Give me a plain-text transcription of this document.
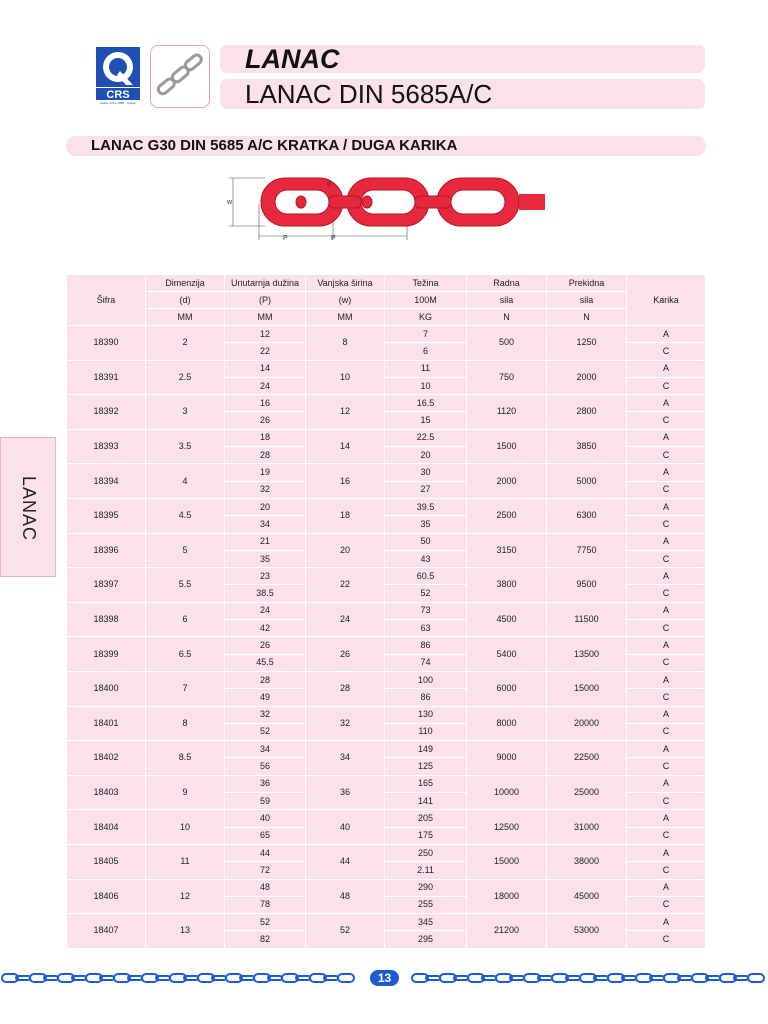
CRS
quality since 1986 · zagreb
LANAC
LANAC DIN 5685A/C
LANAC G30 DIN 5685 A/C KRATKA / DUGA KARIKA
w
d
P	P
LANAC
Šifra	Dimenzija	Unutarnja dužina	Vanjska širina	Težina	Radna	Prekidna	Karika
	(d)	(P)	(w)	100M	sila	sila	
	MM	MM	MM	KG	N	N	
18390	2	12	8	7	500	1250	A
		22		6			C
18391	2.5	14	10	11	750	2000	A
		24		10			C
18392	3	16	12	16.5	1120	2800	A
		26		15			C
18393	3.5	18	14	22.5	1500	3850	A
		28		20			C
18394	4	19	16	30	2000	5000	A
		32		27			C
18395	4.5	20	18	39.5	2500	6300	A
		34		35			C
18396	5	21	20	50	3150	7750	A
		35		43			C
18397	5.5	23	22	60.5	3800	9500	A
		38.5		52			C
18398	6	24	24	73	4500	11500	A
		42		63			C
18399	6.5	26	26	86	5400	13500	A
		45.5		74			C
18400	7	28	28	100	6000	15000	A
		49		86			C
18401	8	32	32	130	8000	20000	A
		52		110			C
18402	8.5	34	34	149	9000	22500	A
		56		125			C
18403	9	36	36	165	10000	25000	A
		59		141			C
18404	10	40	40	205	12500	31000	A
		65		175			C
18405	11	44	44	250	15000	38000	A
		72		2.11			C
18406	12	48	48	290	18000	45000	A
		78		255			C
18407	13	52	52	345	21200	53000	A
		82		295			C
13
